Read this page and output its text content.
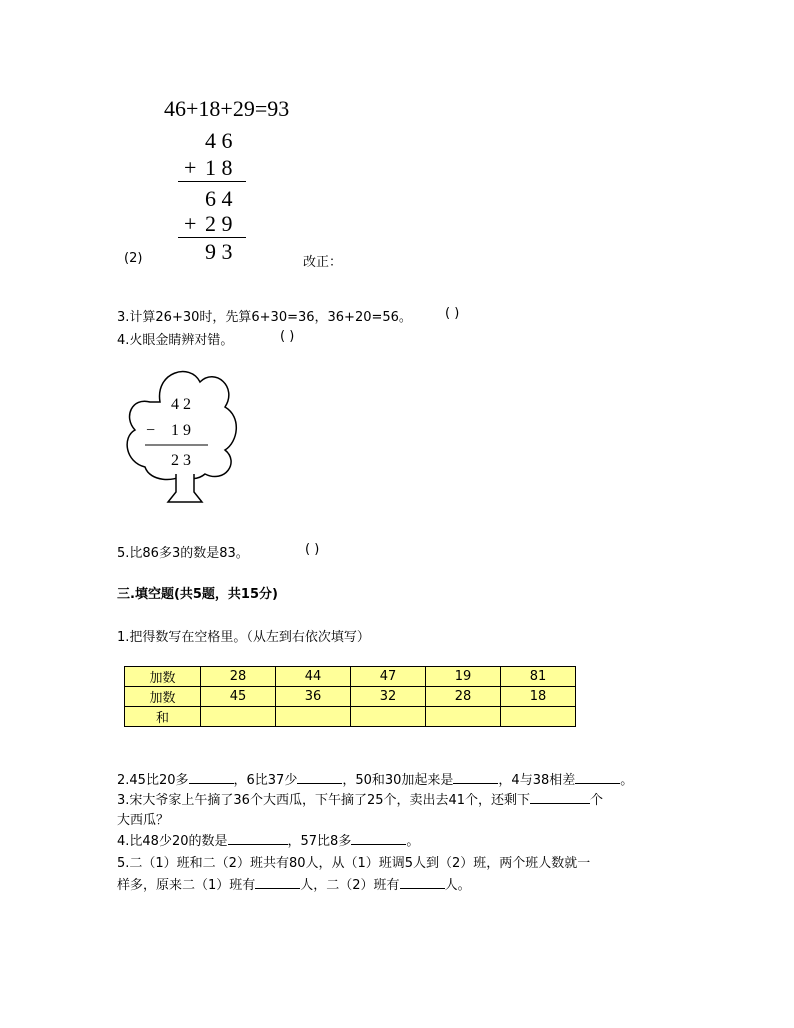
46+18+29=93
4 6
+ 1 8
6 4
+ 2 9
9 3
(2)	改正：
3.计算26+30时，先算6+30=36，36+20=56。	( )
4.火眼金睛辨对错。	( )
4 2
− 1 9
2 3
5.比86多3的数是83。	( )
三.填空题(共5题，共15分)
1.把得数写在空格里。（从左到右依次填写）
加数	28	44	47	19	81
加数	45	36	32	28	18
和					
2.45比20多	，6比37少	，50和30加起来是	，4与38相差	。
3.宋大爷家上午摘了36个大西瓜，下午摘了25个，卖出去41个，还剩下	个
大西瓜？
4.比48少20的数是	，57比8多	。
5.二（1）班和二（2）班共有80人，从（1）班调5人到（2）班，两个班人数就一
样多，原来二（1）班有	人，二（2）班有	人。
